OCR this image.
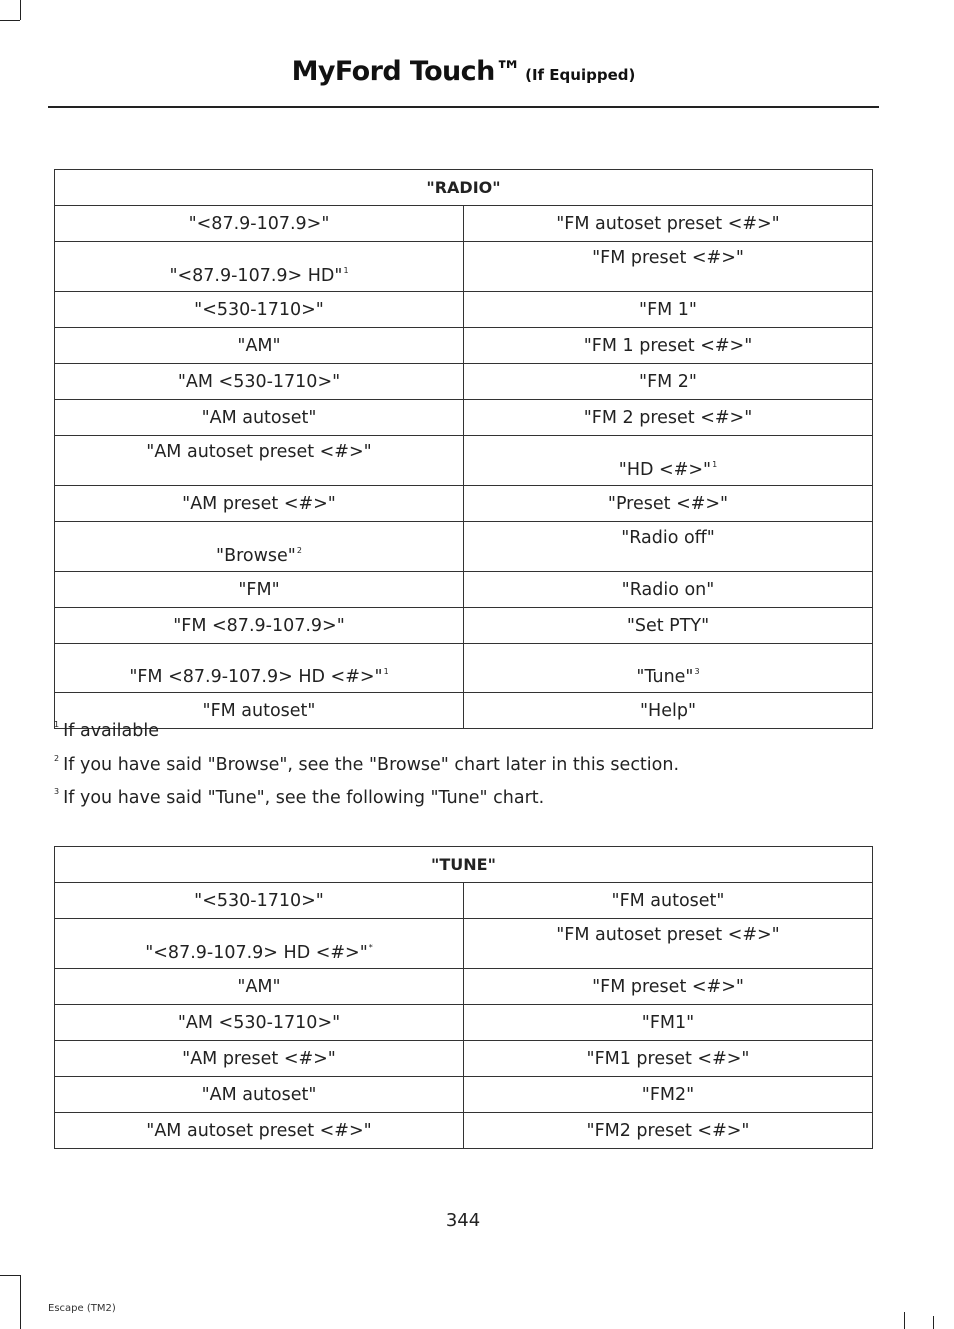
MyFord Touch™ (If Equipped)
"RADIO"	
"<87.9-107.9>"	"FM autoset preset <#>"
"<87.9-107.9> HD"$^1$	"FM preset <#>"
"<530-1710>"	"FM 1"
"AM"	"FM 1 preset <#>"
"AM <530-1710>"	"FM 2"
"AM autoset"	"FM 2 preset <#>"
"AM autoset preset <#>"	"HD <#>"$^1$
"AM preset <#>"	"Preset <#>"
"Browse"$^2$	"Radio off"
"FM"	"Radio on"
"FM <87.9-107.9>"	"Set PTY"
"FM <87.9-107.9> HD <#>"$^1$	"Tune"$^3$
"FM autoset"	"Help"
$^1$ If available
$^2$ If you have said "Browse", see the "Browse" chart later in this section.
$^3$ If you have said "Tune", see the following "Tune" chart.
"TUNE"	
"<530-1710>"	"FM autoset"
"<87.9-107.9> HD <#>"*	"FM autoset preset <#>"
"AM"	"FM preset <#>"
"AM <530-1710>"	"FM1"
"AM preset <#>"	"FM1 preset <#>"
"AM autoset"	"FM2"
"AM autoset preset <#>"	"FM2 preset <#>"
344
Escape (TM2)
